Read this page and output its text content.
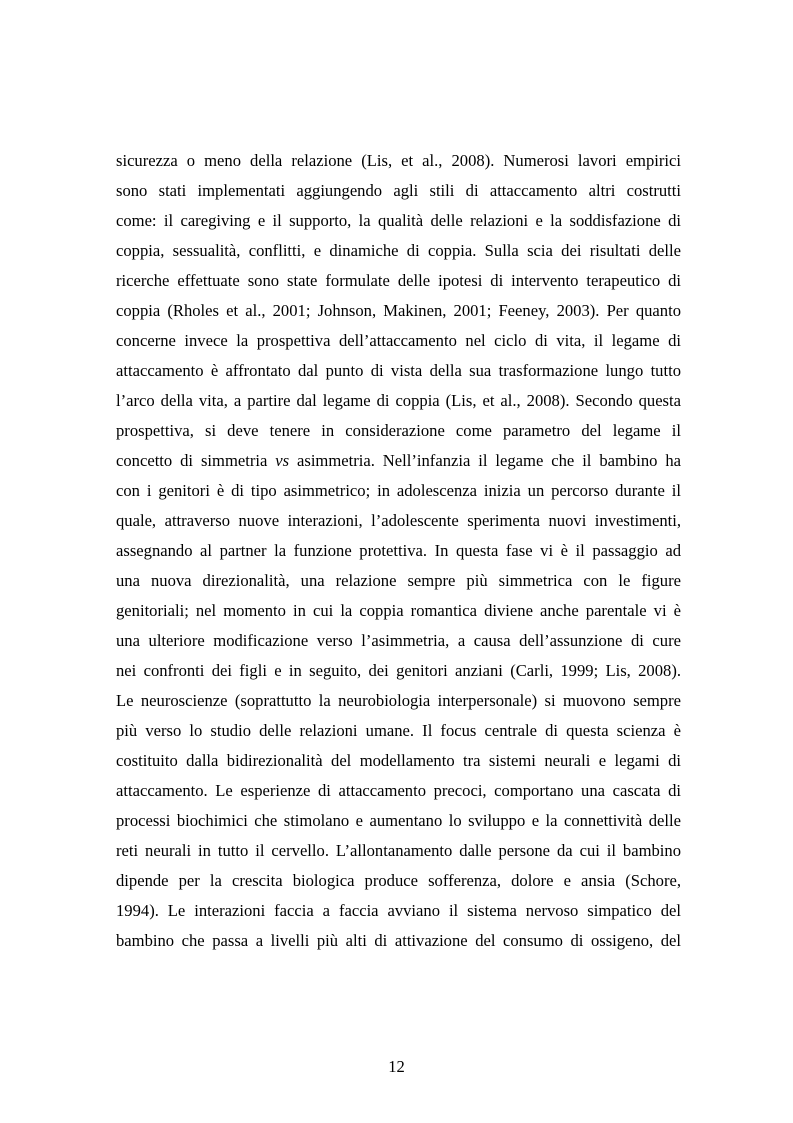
sicurezza o meno della relazione (Lis, et al., 2008). Numerosi lavori empirici
sono stati implementati aggiungendo agli stili di attaccamento altri costrutti
come: il caregiving e il supporto, la qualità delle relazioni e la soddisfazione di
coppia, sessualità, conflitti, e dinamiche di coppia. Sulla scia dei risultati delle
ricerche effettuate sono state formulate delle ipotesi di intervento terapeutico di
coppia (Rholes et al., 2001; Johnson, Makinen, 2001; Feeney, 2003). Per quanto
concerne invece la prospettiva dell’attaccamento nel ciclo di vita, il legame di
attaccamento è affrontato dal punto di vista della sua trasformazione lungo tutto
l’arco della vita, a partire dal legame di coppia (Lis, et al., 2008). Secondo questa
prospettiva, si deve tenere in considerazione come parametro del legame il
concetto di simmetria vs asimmetria. Nell’infanzia il legame che il bambino ha
con i genitori è di tipo asimmetrico; in adolescenza inizia un percorso durante il
quale, attraverso nuove interazioni, l’adolescente sperimenta nuovi investimenti,
assegnando al partner la funzione protettiva. In questa fase vi è il passaggio ad
una nuova direzionalità, una relazione sempre più simmetrica con le figure
genitoriali; nel momento in cui la coppia romantica diviene anche parentale vi è
una ulteriore modificazione verso l’asimmetria, a causa dell’assunzione di cure
nei confronti dei figli e in seguito, dei genitori anziani (Carli, 1999; Lis, 2008).
Le neuroscienze (soprattutto la neurobiologia interpersonale) si muovono sempre
più verso lo studio delle relazioni umane. Il focus centrale di questa scienza è
costituito dalla bidirezionalità del modellamento tra sistemi neurali e legami di
attaccamento. Le esperienze di attaccamento precoci, comportano una cascata di
processi biochimici che stimolano e aumentano lo sviluppo e la connettività delle
reti neurali in tutto il cervello. L’allontanamento dalle persone da cui il bambino
dipende per la crescita biologica produce sofferenza, dolore e ansia (Schore,
1994). Le interazioni faccia a faccia avviano il sistema nervoso simpatico del
bambino che passa a livelli più alti di attivazione del consumo di ossigeno, del
12
